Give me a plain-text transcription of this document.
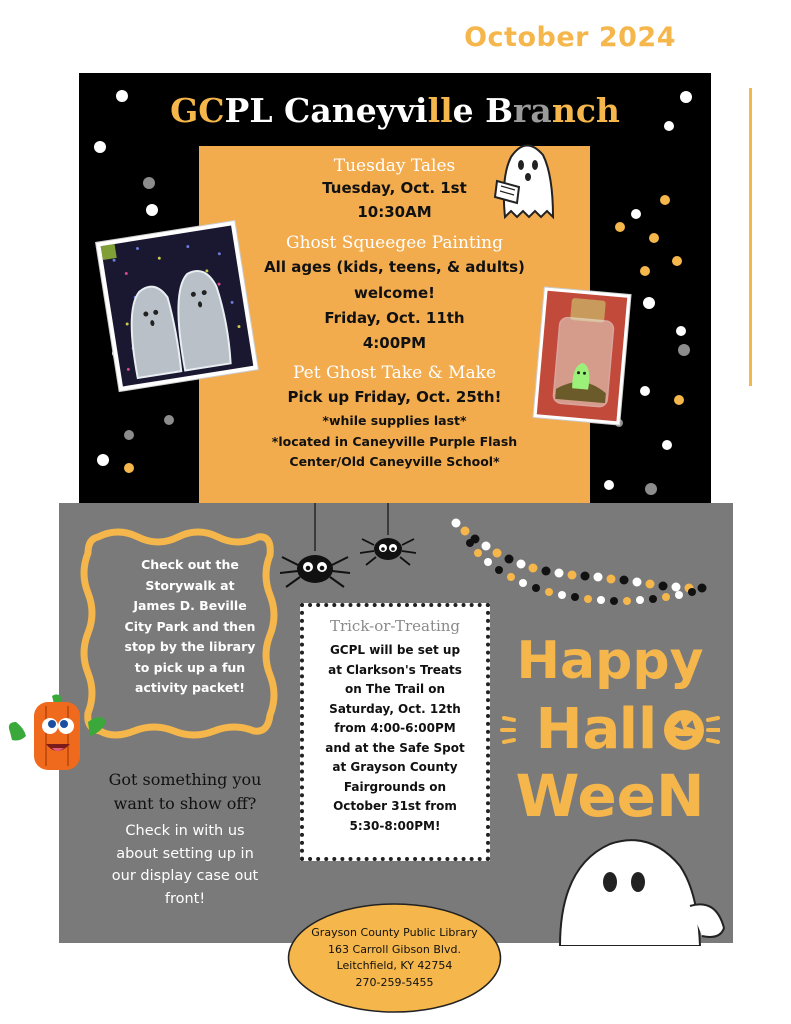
October 2024
GCPL Caneyville Branch
Tuesday Tales
Tuesday, Oct. 1st
10:30AM
Ghost Squeegee Painting
All ages (kids, teens, & adults)
welcome!
Friday, Oct. 11th
4:00PM
Pet Ghost Take & Make
Pick up Friday, Oct. 25th!
*while supplies last*
*located in Caneyville Purple Flash
Center/Old Caneyville School*
Check out the
Storywalk at
James D. Beville
City Park and then
stop by the library
to pick up a fun
activity packet!
Got something you
want to show off?
Check in with us
about setting up in
our display case out
front!
Trick-or-Treating
GCPL will be set up
at Clarkson's Treats
on The Trail on
Saturday, Oct. 12th
from 4:00-6:00PM
and at the Safe Spot
at Grayson County
Fairgrounds on
October 31st from
5:30-8:00PM!
Happy
Ha
ll	o
WeeN
Grayson County Public Library
163 Carroll Gibson Blvd.
Leitchfield, KY 42754
270-259-5455
